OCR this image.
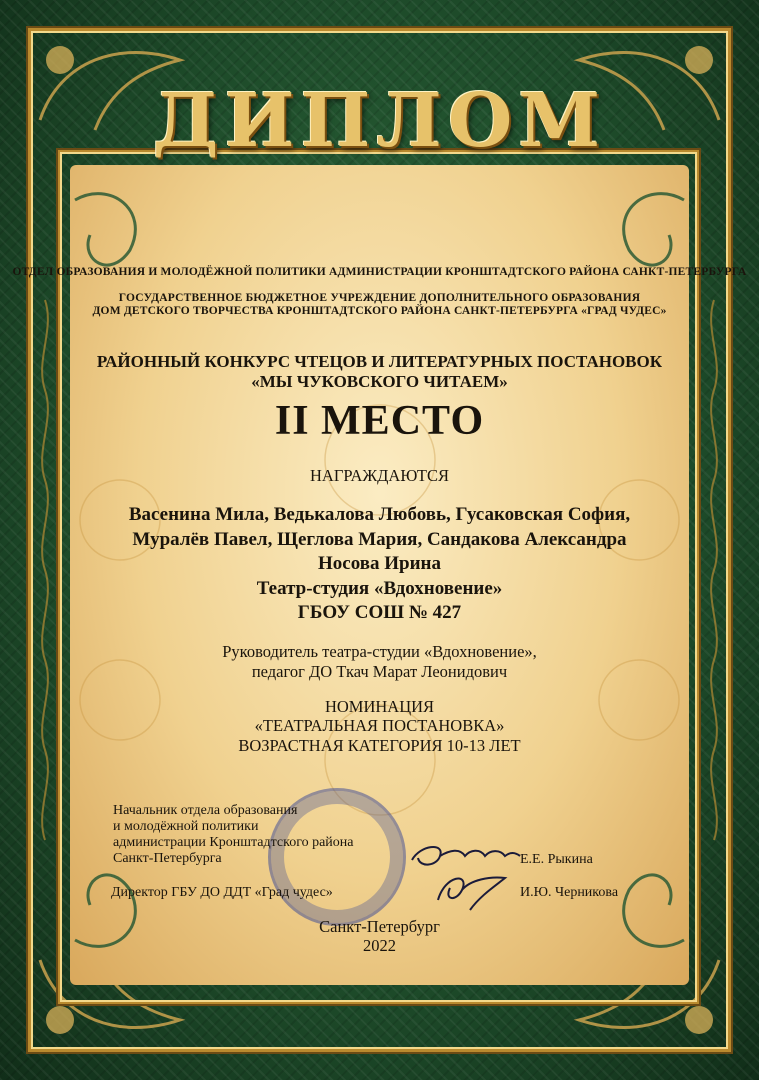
ДИПЛОМ
ОТДЕЛ ОБРАЗОВАНИЯ И МОЛОДЁЖНОЙ ПОЛИТИКИ АДМИНИСТРАЦИИ КРОНШТАДТСКОГО РАЙОНА САНКТ-ПЕТЕРБУРГА
ГОСУДАРСТВЕННОЕ БЮДЖЕТНОЕ УЧРЕЖДЕНИЕ ДОПОЛНИТЕЛЬНОГО ОБРАЗОВАНИЯ
ДОМ ДЕТСКОГО ТВОРЧЕСТВА КРОНШТАДТСКОГО РАЙОНА САНКТ-ПЕТЕРБУРГА «ГРАД ЧУДЕС»
РАЙОННЫЙ КОНКУРС ЧТЕЦОВ И ЛИТЕРАТУРНЫХ ПОСТАНОВОК
«МЫ ЧУКОВСКОГО ЧИТАЕМ»
II МЕСТО
НАГРАЖДАЮТСЯ
Васенина Мила, Ведькалова Любовь, Гусаковская София,
Муралёв Павел, Щеглова Мария, Сандакова Александра
Носова Ирина
Театр-студия «Вдохновение»
ГБОУ СОШ № 427
Руководитель театра-студии «Вдохновение»,
педагог ДО Ткач Марат Леонидович
НОМИНАЦИЯ
«ТЕАТРАЛЬНАЯ ПОСТАНОВКА»
ВОЗРАСТНАЯ КАТЕГОРИЯ 10-13 ЛЕТ
Начальник отдела образования
и молодёжной политики
администрации Кронштадтского района
Санкт-Петербурга	Е.Е. Рыкина
Директор ГБУ ДО ДДТ «Град чудес»	И.Ю. Черникова
Санкт-Петербург
2022
